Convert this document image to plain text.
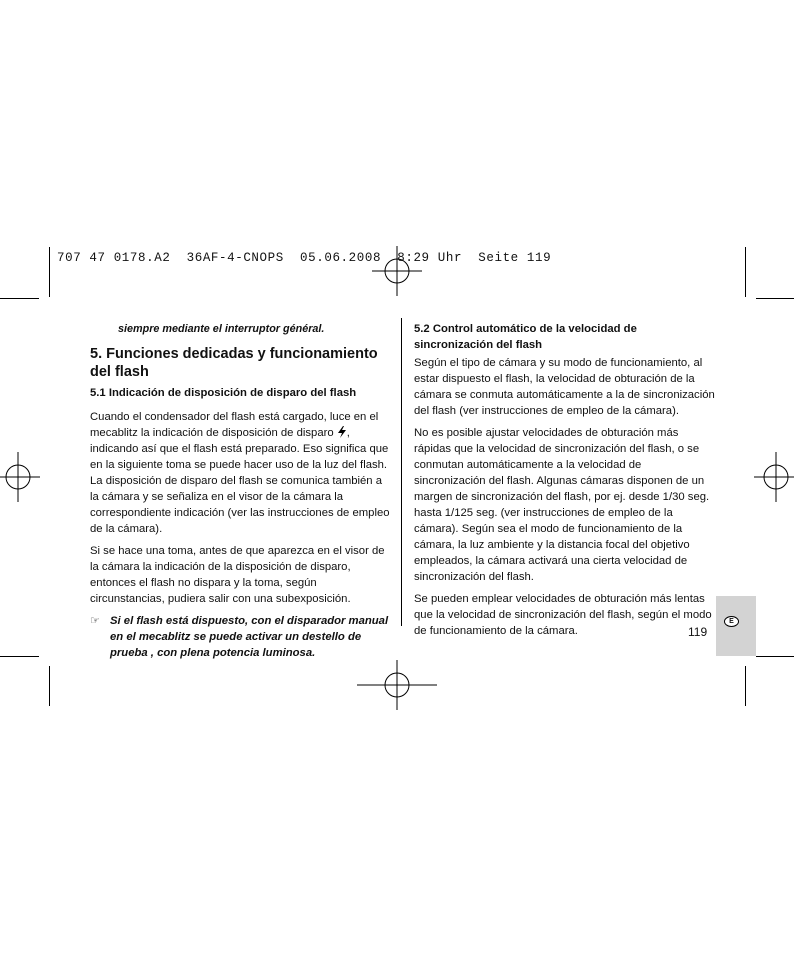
707 47 0178.A2  36AF-4-CNOPS  05.06.2008  8:29 Uhr  Seite 119

siempre mediante el interruptor général.

5. Funciones dedicadas y funcionamiento del flash
5.1 Indicación de disposición de disparo del flash

Cuando el condensador del flash está cargado, luce en el mecablitz la indicación de disposición de disparo , indicando así que el flash está preparado. Eso significa que en la siguiente toma se puede hacer uso de la luz del flash. La disposición de disparo del flash se comunica también a la cámara y se señaliza en el visor de la cámara la correspondiente indicación (ver las instrucciones de empleo de la cámara).

Si se hace una toma, antes de que aparezca en el visor de la cámara la indicación de la disposición de disparo, entonces el flash no dispara y la toma, según circunstancias, pudiera salir con una subexposición.

☞ Si el flash está dispuesto, con el disparador manual en el mecablitz se puede activar un destello de prueba , con plena potencia luminosa.
5.2 Control automático de la velocidad de sincronización del flash

Según el tipo de cámara y su modo de funcionamiento, al estar dispuesto el flash, la velocidad de obturación de la cámara se conmuta automáticamente a la de sincronización del flash (ver instrucciones de empleo de la cámara).

No es posible ajustar velocidades de obturación más rápidas que la velocidad de sincronización del flash, o se conmutan automáticamente a la velocidad de sincronización del flash. Algunas cámaras disponen de un margen de sincronización del flash, por ej. desde 1/30 seg. hasta 1/125 seg. (ver instrucciones de empleo de la cámara). Según sea el modo de funcionamiento de la cámara, la luz ambiente y la distancia focal del objetivo empleados, la cámara activará una cierta velocidad de sincronización del flash.

Se pueden emplear velocidades de obturación más lentas que la velocidad de sincronización del flash, según el modo de funcionamiento de la cámara.

E
119
